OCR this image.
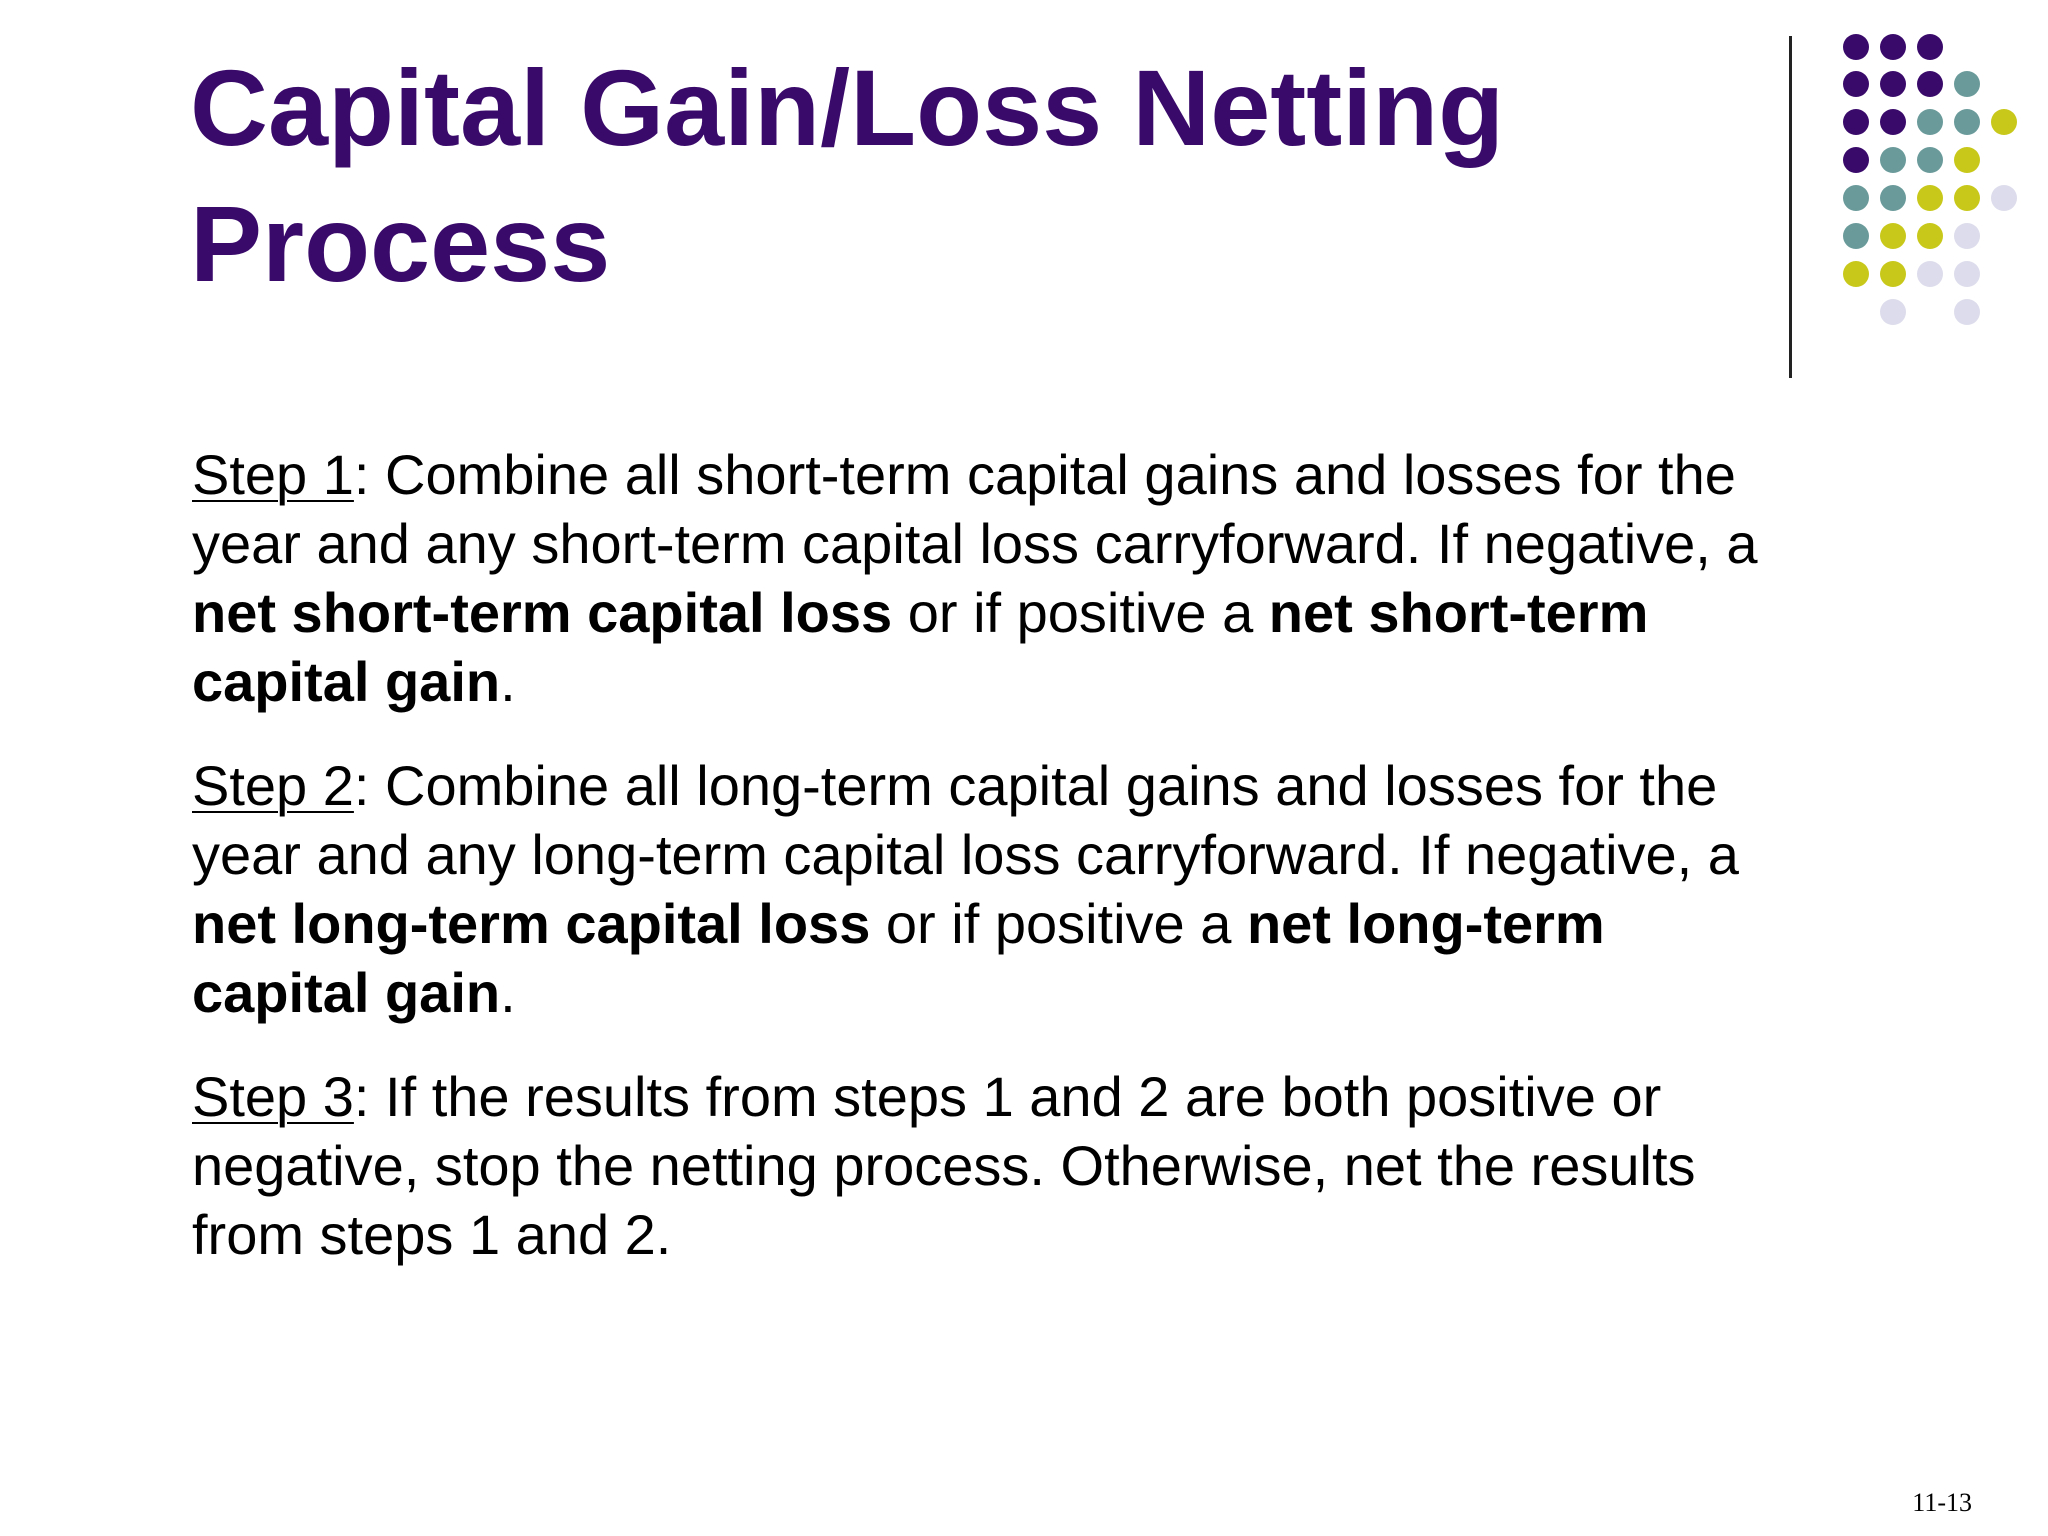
Capital Gain/Loss Netting
Process

Step 1: Combine all short-term capital gains and losses for the year and any short-term capital loss carryforward. If negative, a net short-term capital loss or if positive a net short-term capital gain.

Step 2: Combine all long-term capital gains and losses for the year and any long-term capital loss carryforward. If negative, a net long-term capital loss or if positive a net long-term capital gain.

Step 3: If the results from steps 1 and 2 are both positive or negative, stop the netting process. Otherwise, net the results from steps 1 and 2.

11-13
